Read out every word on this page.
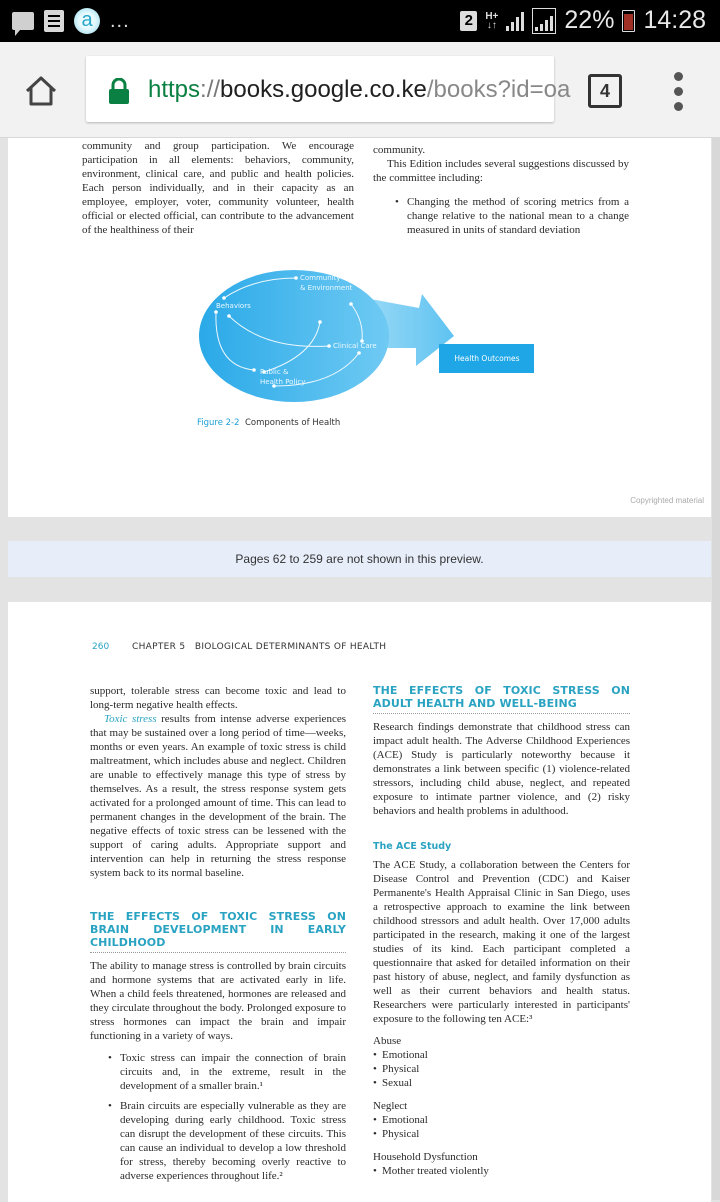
a ...	2	H+
↓↑	22% 14:28
https://books.google.co.ke/books?id=oa	4

community and group participation. We encourage participation in all elements: behaviors, community, environment, clinical care, and public and health policies. Each person individually, and in their capacity as an employee, employer, voter, community volunteer, health official or elected official, can contribute to the advancement of the healthiness of their

community.

This Edition includes several suggestions discussed by the committee including:

• Changing the method of scoring metrics from a change relative to the national mean to a change measured in units of standard deviation

Community
& Environment
Behaviors
Clinical Care
Public &
Health Policy
Health Outcomes
Figure 2-2 Components of Health
Copyrighted material
Pages 62 to 259 are not shown in this preview.
260	CHAPTER 5   BIOLOGICAL DETERMINANTS OF HEALTH

support, tolerable stress can become toxic and lead to long-term negative health effects.

Toxic stress results from intense adverse experiences that may be sustained over a long period of time—weeks, months or even years. An example of toxic stress is child maltreatment, which includes abuse and neglect. Children are unable to effectively manage this type of stress by themselves. As a result, the stress response system gets activated for a prolonged amount of time. This can lead to permanent changes in the development of the brain. The negative effects of toxic stress can be lessened with the support of caring adults. Appropriate support and intervention can help in returning the stress response system back to its normal baseline.

THE EFFECTS OF TOXIC STRESS ON BRAIN DEVELOPMENT IN EARLY CHILDHOOD

The ability to manage stress is controlled by brain circuits and hormone systems that are activated early in life. When a child feels threatened, hormones are released and they circulate throughout the body. Prolonged exposure to stress hormones can impact the brain and impair functioning in a variety of ways.

• Toxic stress can impair the connection of brain circuits and, in the extreme, result in the development of a smaller brain.¹

• Brain circuits are especially vulnerable as they are developing during early childhood. Toxic stress can disrupt the development of these circuits. This can cause an individual to develop a low threshold for stress, thereby becoming overly reactive to adverse experiences throughout life.²

THE EFFECTS OF TOXIC STRESS ON ADULT HEALTH AND WELL-BEING

Research findings demonstrate that childhood stress can impact adult health. The Adverse Childhood Experiences (ACE) Study is particularly noteworthy because it demonstrates a link between specific (1) violence-related stressors, including child abuse, neglect, and repeated exposure to intimate partner violence, and (2) risky behaviors and health problems in adulthood.

The ACE Study

The ACE Study, a collaboration between the Centers for Disease Control and Prevention (CDC) and Kaiser Permanente's Health Appraisal Clinic in San Diego, uses a retrospective approach to examine the link between childhood stressors and adult health. Over 17,000 adults participated in the research, making it one of the largest studies of its kind. Each participant completed a questionnaire that asked for detailed information on their past history of abuse, neglect, and family dysfunction as well as their current behaviors and health status. Researchers were particularly interested in participants' exposure to the following ten ACE:³

Abuse
• Emotional
• Physical
• Sexual
Neglect
• Emotional
• Physical
Household Dysfunction
• Mother treated violently
